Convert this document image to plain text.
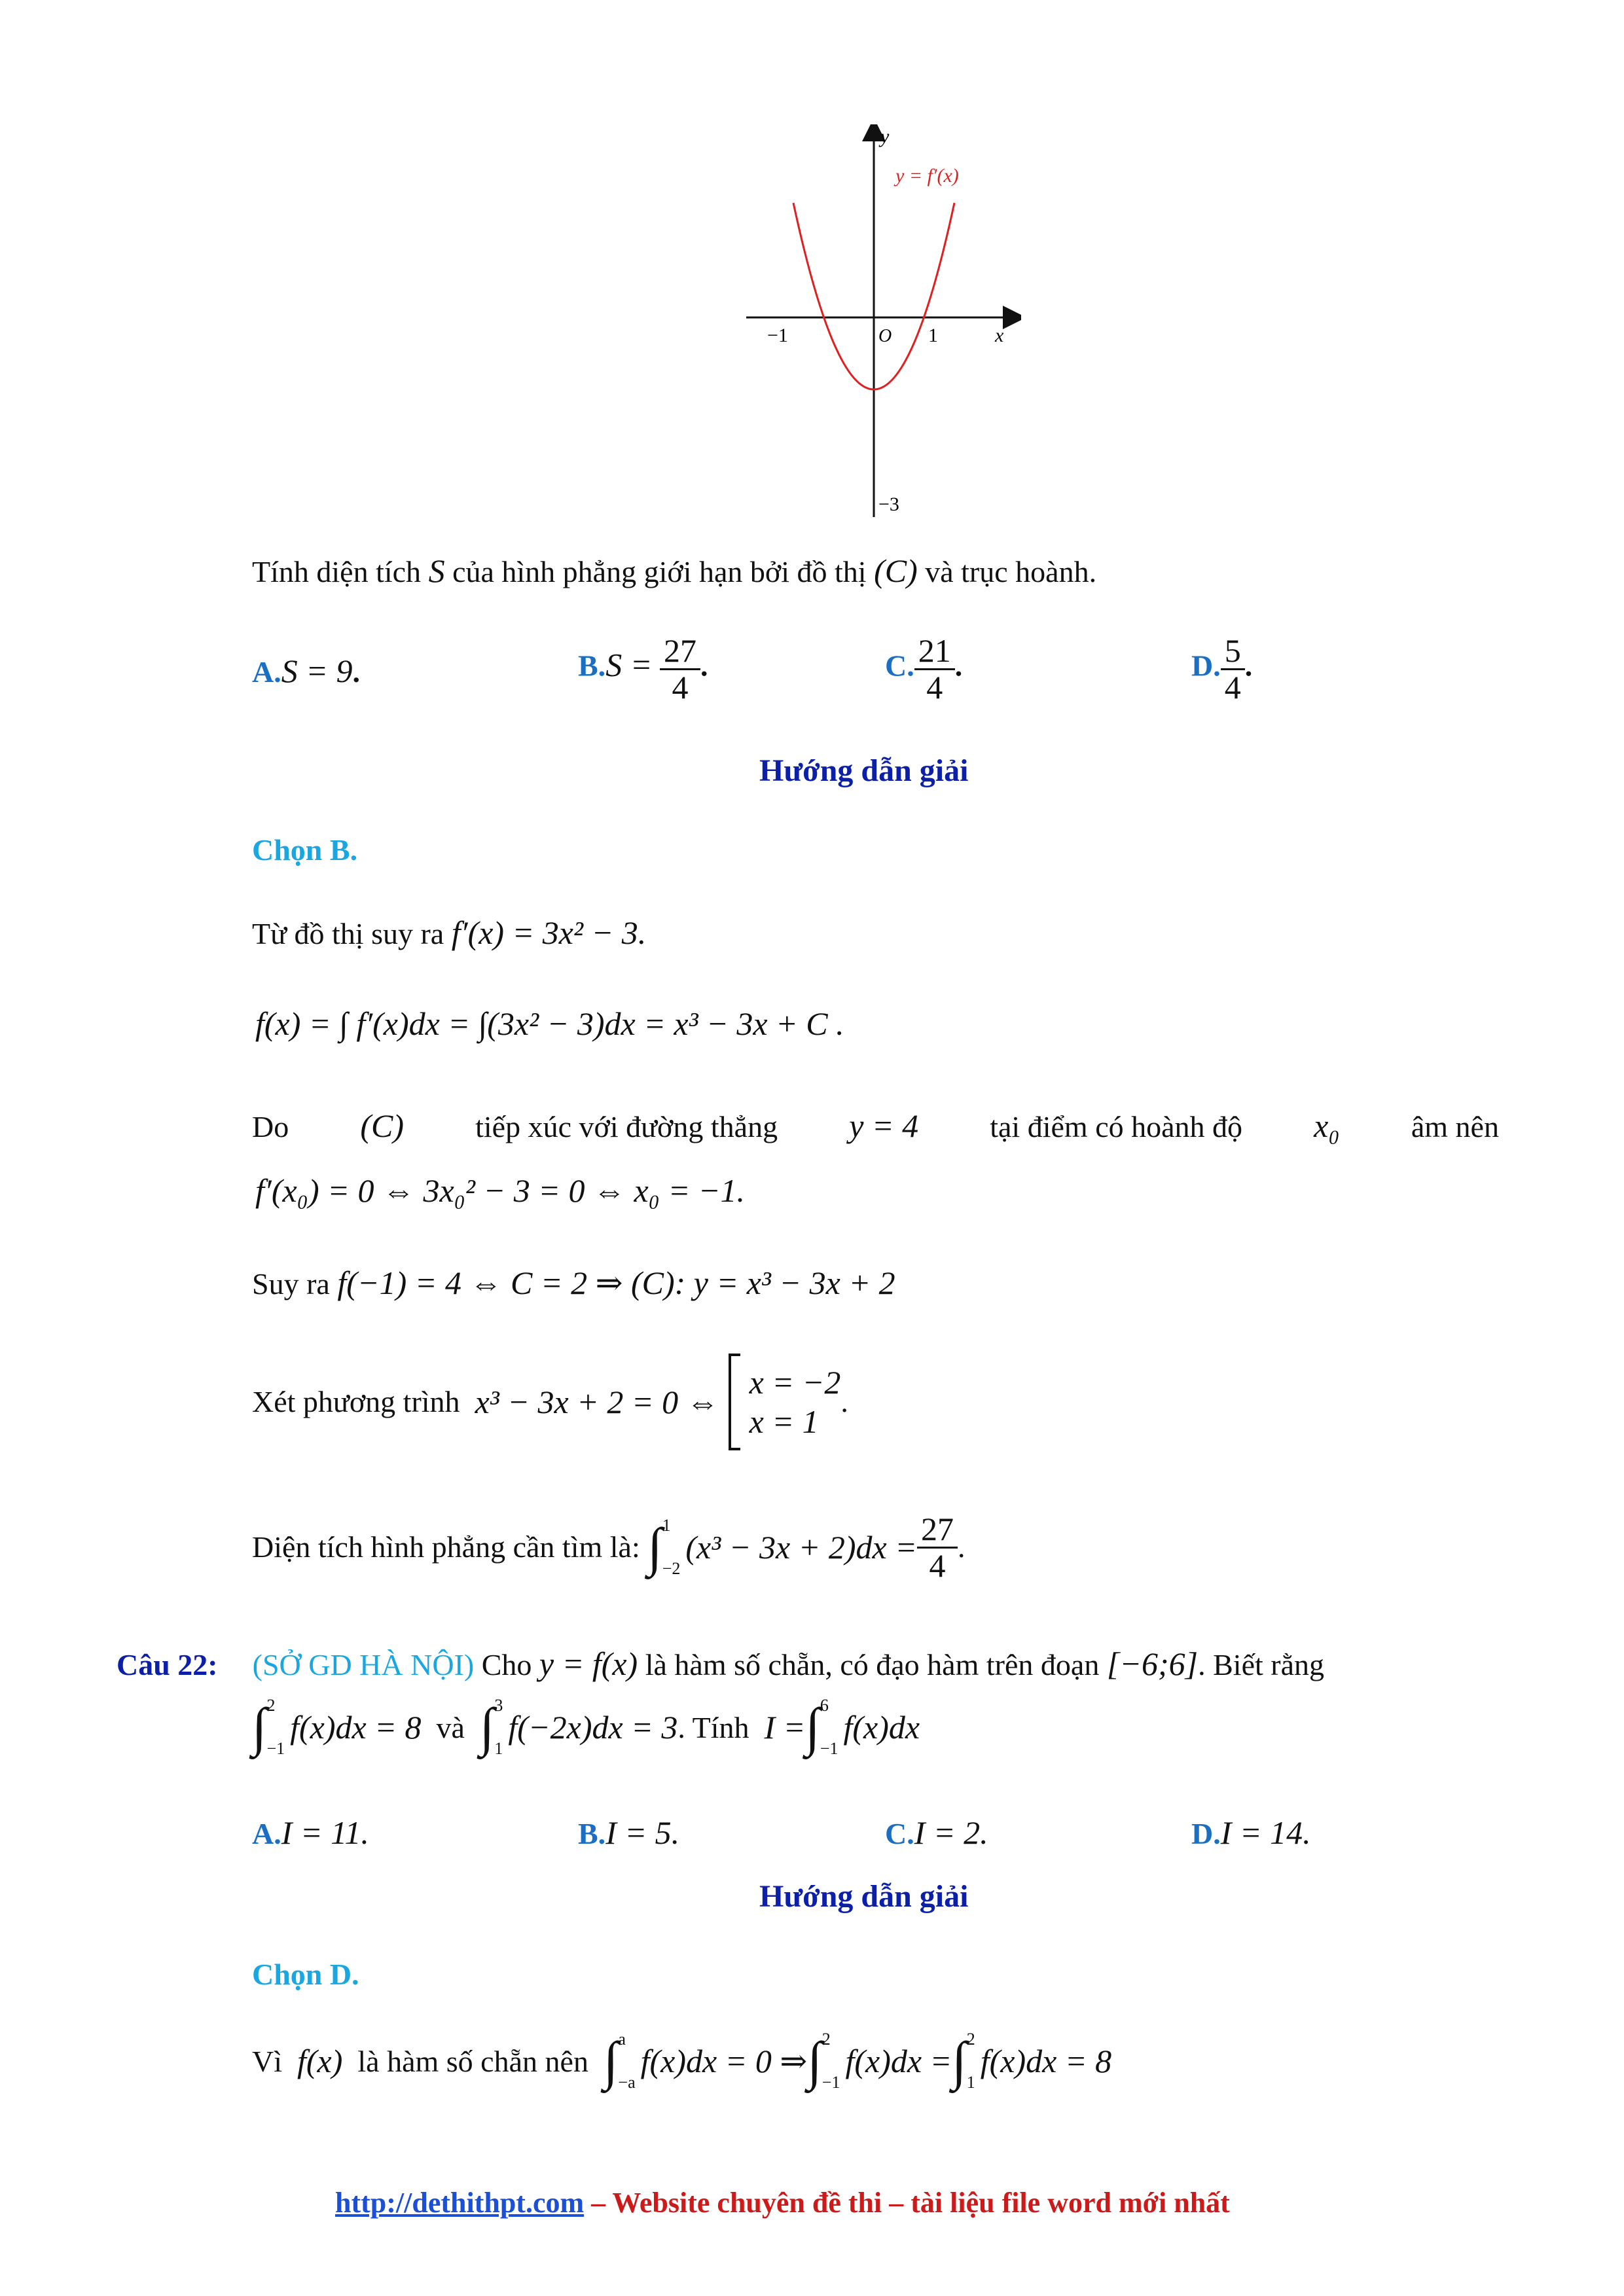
y
x
O
−1	1
−3
y = f′(x)
Tính diện tích S của hình phẳng giới hạn bởi đồ thị (C) và trục hoành.
A.S = 9.	$B.S = \frac{27}{4}$ .	C. $\frac{21}{4}$ .	D. $\frac{5}{4}$ .
Hướng dẫn giải
Chọn B.
Từ đồ thị suy ra f′(x) = 3x² − 3.
f(x) = ∫ f′(x)dx = ∫(3x² − 3)dx = x³ − 3x + C .
Do (C) tiếp xúc với đường thẳng y = 4 tại điểm có hoành độ x₀ âm nên
f′(x₀) = 0 ⇔ 3x₀² − 3 = 0 ⇔ x₀ = −1.
Suy ra f(−1) = 4 ⇔ C = 2 ⇒ (C): y = x³ − 3x + 2
Xét phương trình
x³ − 3x + 2 = 0 ⇔
x = −2
x = 1
.
Diện tích hình phẳng cần tìm là:
∫ 1
−2
$(x^3 - 3x + 2)dx = \frac{27}{4}$ .
Câu 22: (SỞ GD HÀ NỘI) Cho y = f(x) là hàm số chẵn, có đạo hàm trên đoạn [−6;6]. Biết rằng
∫ 2
−1
f(x)dx = 8
và
∫ 3
1
f(−2x)dx = 3 . Tính
I = ∫ 6
−1
f(x)dx
A.I = 11.	B.I = 5.	C.I = 2.	D.I = 14.
Hướng dẫn giải
Chọn D.
Vì
f(x)
là hàm số chẵn nên
∫ a
−a
f(x)dx = 0 ⇒ ∫ 2
−1
f(x)dx = ∫ 2
1
f(x)dx = 8
http://dethithpt.com – Website chuyên đề thi – tài liệu file word mới nhất
